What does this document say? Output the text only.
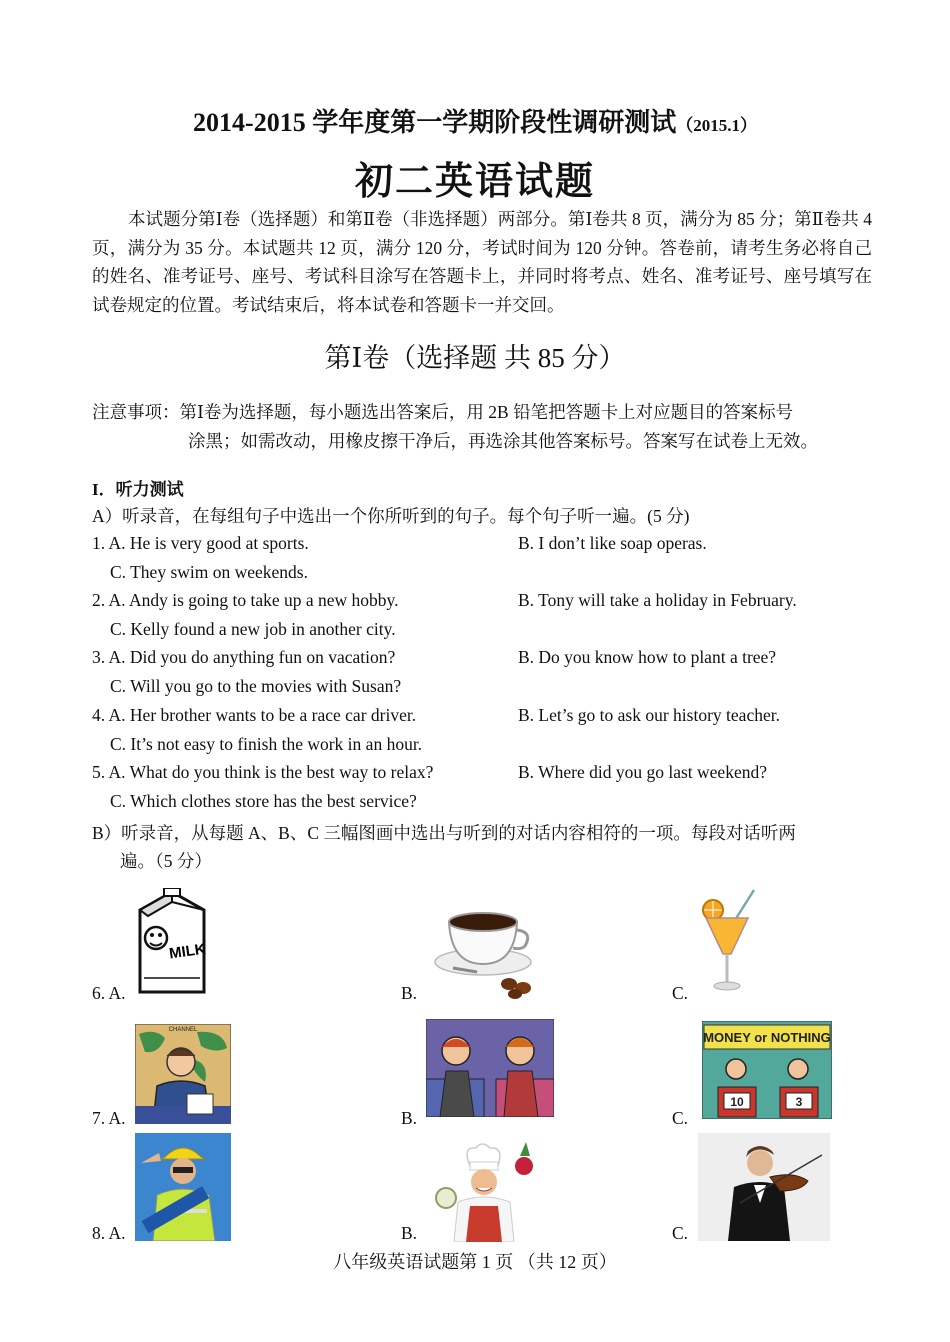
2014-2015 学年度第一学期阶段性调研测试（2015.1）
初二英语试题

本试题分第Ⅰ卷（选择题）和第Ⅱ卷（非选择题）两部分。第Ⅰ卷共 8 页，满分为 85 分；第Ⅱ卷共 4 页，满分为 35 分。本试题共 12 页，满分 120 分，考试时间为 120 分钟。答卷前，请考生务必将自己的姓名、准考证号、座号、考试科目涂写在答题卡上，并同时将考点、姓名、准考证号、座号填写在试卷规定的位置。考试结束后，将本试卷和答题卡一并交回。

第Ⅰ卷（选择题 共 85 分）
注意事项：第Ⅰ卷为选择题，每小题选出答案后，用 2B 铅笔把答题卡上对应题目的答案标号
涂黑；如需改动，用橡皮擦干净后，再选涂其他答案标号。答案写在试卷上无效。
I．听力测试
A）听录音，在每组句子中选出一个你所听到的句子。每个句子听一遍。(5 分)
1. A. He is very good at sports.	B. I don’t like soap operas.
C. They swim on weekends.
2. A. Andy is going to take up a new hobby.	B. Tony will take a holiday in February.
C. Kelly found a new job in another city.
3. A. Did you do anything fun on vacation?	B. Do you know how to plant a tree?
C. Will you go to the movies with Susan?
4. A. Her brother wants to be a race car driver.	B. Let’s go to ask our history teacher.
C. It’s not easy to finish the work in an hour.
5. A. What do you think is the best way to relax?	B. Where did you go last weekend?
C. Which clothes store has the best service?
B）听录音，从每题 A、B、C 三幅图画中选出与听到的对话内容相符的一项。每段对话听两
遍。（5 分）
6. A.
MILK
B.	C.
7. A.
CHANNEL
B.	C.
MONEY or NOTHING
10	3
8. A.	B.	C.
八年级英语试题第 1 页 （共 12 页）
